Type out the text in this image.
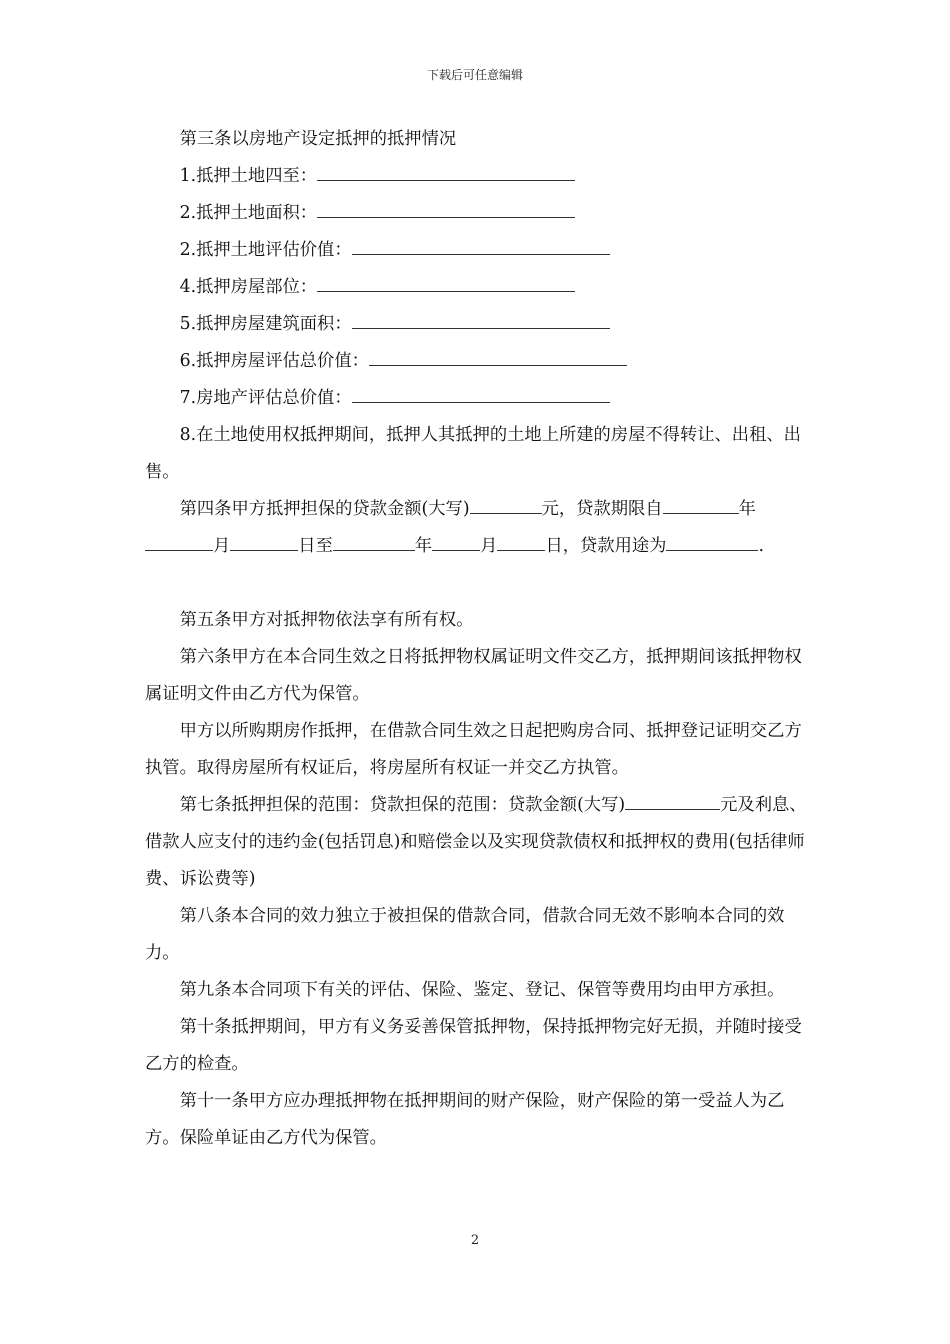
下载后可任意编辑

第三条以房地产设定抵押的抵押情况

1.抵押土地四至：

2.抵押土地面积：

2.抵押土地评估价值：

4.抵押房屋部位：

5.抵押房屋建筑面积：

6.抵押房屋评估总价值：

7.房地产评估总价值：

8.在土地使用权抵押期间，抵押人其抵押的土地上所建的房屋不得转让、出租、出售。

第四条甲方抵押担保的贷款金额(大写)	元，贷款期限自	年月	日至	年	月	日，贷款用途为	.

第五条甲方对抵押物依法享有所有权。

第六条甲方在本合同生效之日将抵押物权属证明文件交乙方，抵押期间该抵押物权属证明文件由乙方代为保管。

甲方以所购期房作抵押，在借款合同生效之日起把购房合同、抵押登记证明交乙方执管。取得房屋所有权证后，将房屋所有权证一并交乙方执管。

第七条抵押担保的范围：贷款担保的范围：贷款金额(大写)	元及利息、借款人应支付的违约金(包括罚息)和赔偿金以及实现贷款债权和抵押权的费用(包括律师费、诉讼费等)

第八条本合同的效力独立于被担保的借款合同，借款合同无效不影响本合同的效力。

第九条本合同项下有关的评估、保险、鉴定、登记、保管等费用均由甲方承担。

第十条抵押期间，甲方有义务妥善保管抵押物，保持抵押物完好无损，并随时接受乙方的检查。

第十一条甲方应办理抵押物在抵押期间的财产保险，财产保险的第一受益人为乙方。保险单证由乙方代为保管。

2
